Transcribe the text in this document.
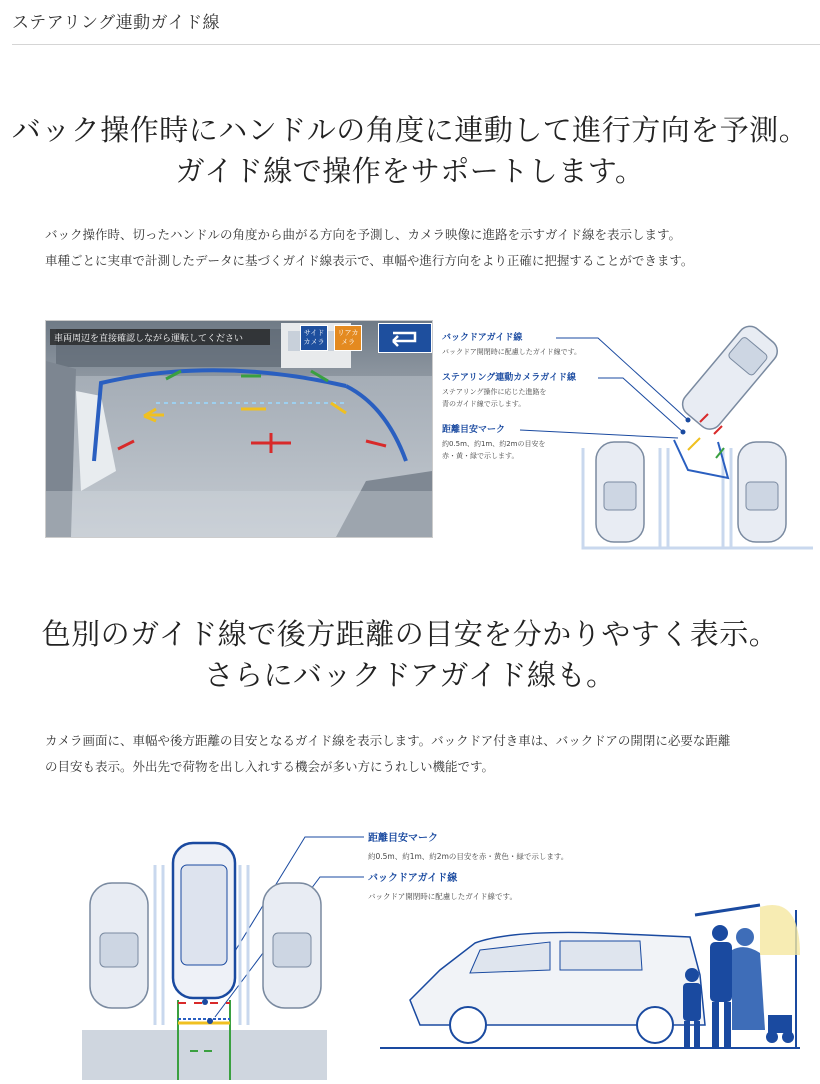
ステアリング連動ガイド線
バック操作時にハンドルの角度に連動して進行方向を予測。
ガイド線で操作をサポートします。
バック操作時、切ったハンドルの角度から曲がる方向を予測し、カメラ映像に進路を示すガイド線を表示します。
車種ごとに実車で計測したデータに基づくガイド線表示で、車幅や進行方向をより正確に把握することができます。
車両周辺を直接確認しながら運転してください
サイドカメラ
リアカメラ	バックドアガイド線
バックドア開閉時に配慮したガイド線です。
ステアリング連動カメラガイド線
ステアリング操作に応じた進路を
青のガイド線で示します。
距離目安マーク
約0.5m、約1m、約2mの目安を
赤・黄・緑で示します。
色別のガイド線で後方距離の目安を分かりやすく表示。
さらにバックドアガイド線も。
カメラ画面に、車幅や後方距離の目安となるガイド線を表示します。バックドア付き車は、バックドアの開閉に必要な距離
の目安も表示。外出先で荷物を出し入れする機会が多い方にうれしい機能です。
距離目安マーク
約0.5m、約1m、約2mの目安を赤・黄色・緑で示します。
バックドアガイド線
バックドア開閉時に配慮したガイド線です。
